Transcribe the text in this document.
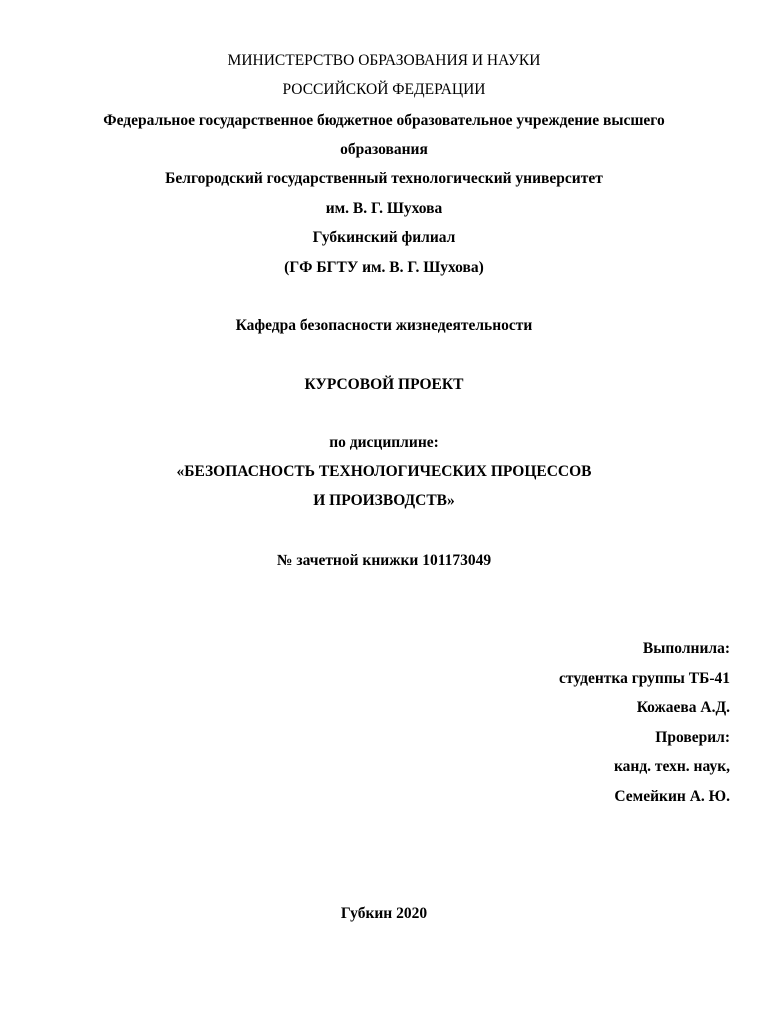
МИНИСТЕРСТВО ОБРАЗОВАНИЯ И НАУКИ
РОССИЙСКОЙ ФЕДЕРАЦИИ
Федеральное государственное бюджетное образовательное учреждение высшего
образования
Белгородский государственный технологический университет
им. В. Г. Шухова
Губкинский филиал
(ГФ БГТУ им. В. Г. Шухова)
Кафедра безопасности жизнедеятельности
КУРСОВОЙ ПРОЕКТ
по дисциплине:
«БЕЗОПАСНОСТЬ ТЕХНОЛОГИЧЕСКИХ ПРОЦЕССОВ
И ПРОИЗВОДСТВ»
№ зачетной книжки 101173049
Выполнила:
студентка группы ТБ-41
Кожаева А.Д.
Проверил:
канд. техн. наук,
Семейкин А. Ю.
Губкин 2020
